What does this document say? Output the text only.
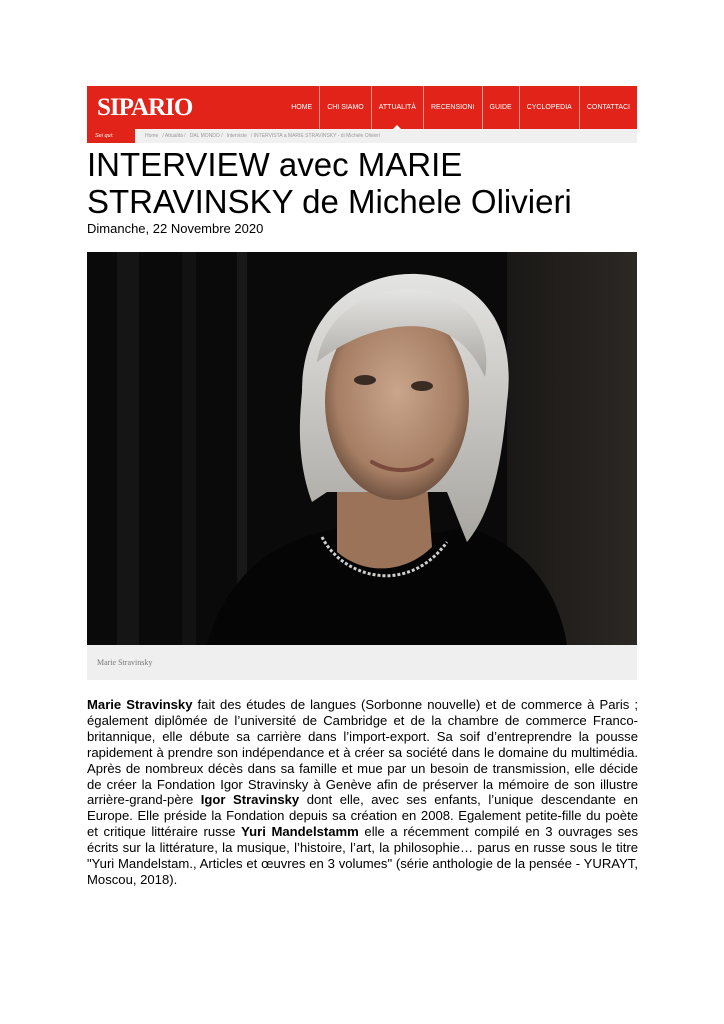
SIPARIO	HOME	CHI SIAMO	ATTUALITÀ	RECENSIONI	GUIDE	CYCLOPEDIA	CONTATTACI
Sei qui:	Home / Attualità / DAL MONDO / Interviste / INTERVISTA a MARIE STRAVINSKY - di Michele Olivieri
INTERVIEW avec MARIE STRAVINSKY de Michele Olivieri
Dimanche, 22 Novembre 2020
Marie Stravinsky

Marie Stravinsky fait des études de langues (Sorbonne nouvelle) et de commerce à Paris ; également diplômée de l’université de Cambridge et de la chambre de commerce Franco-britannique, elle débute sa carrière dans l’import-export. Sa soif d’entreprendre la pousse rapidement à prendre son indépendance et à créer sa société dans le domaine du multimédia. Après de nombreux décès dans sa famille et mue par un besoin de transmission, elle décide de créer la Fondation Igor Stravinsky à Genève afin de préserver la mémoire de son illustre arrière-grand-père Igor Stravinsky dont elle, avec ses enfants, l’unique descendante en Europe. Elle préside la Fondation depuis sa création en 2008. Egalement petite-fille du poète et critique littéraire russe Yuri Mandelstamm elle a récemment compilé en 3 ouvrages ses écrits sur la littérature, la musique, l’histoire, l’art, la philosophie… parus en russe sous le titre "Yuri Mandelstam., Articles et œuvres en 3 volumes" (série anthologie de la pensée - YURAYT, Moscou, 2018).
